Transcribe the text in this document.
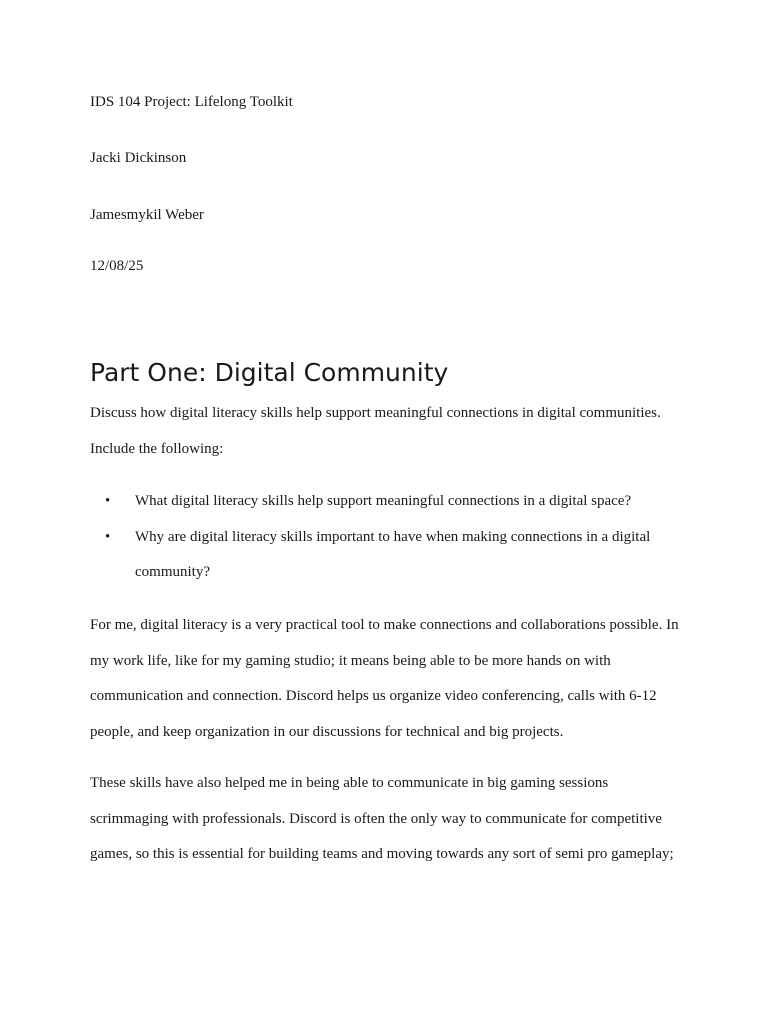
IDS 104 Project: Lifelong Toolkit
Jacki Dickinson
Jamesmykil Weber
12/08/25
Part One: Digital Community

Discuss how digital literacy skills help support meaningful connections in digital communities.

Include the following:

• What digital literacy skills help support meaningful connections in a digital space?
• Why are digital literacy skills important to have when making connections in a digital community?

For me, digital literacy is a very practical tool to make connections and collaborations possible. In my work life, like for my gaming studio; it means being able to be more hands on with communication and connection. Discord helps us organize video conferencing, calls with 6-12 people, and keep organization in our discussions for technical and big projects.

These skills have also helped me in being able to communicate in big gaming sessions scrimmaging with professionals. Discord is often the only way to communicate for competitive games, so this is essential for building teams and moving towards any sort of semi pro gameplay;
